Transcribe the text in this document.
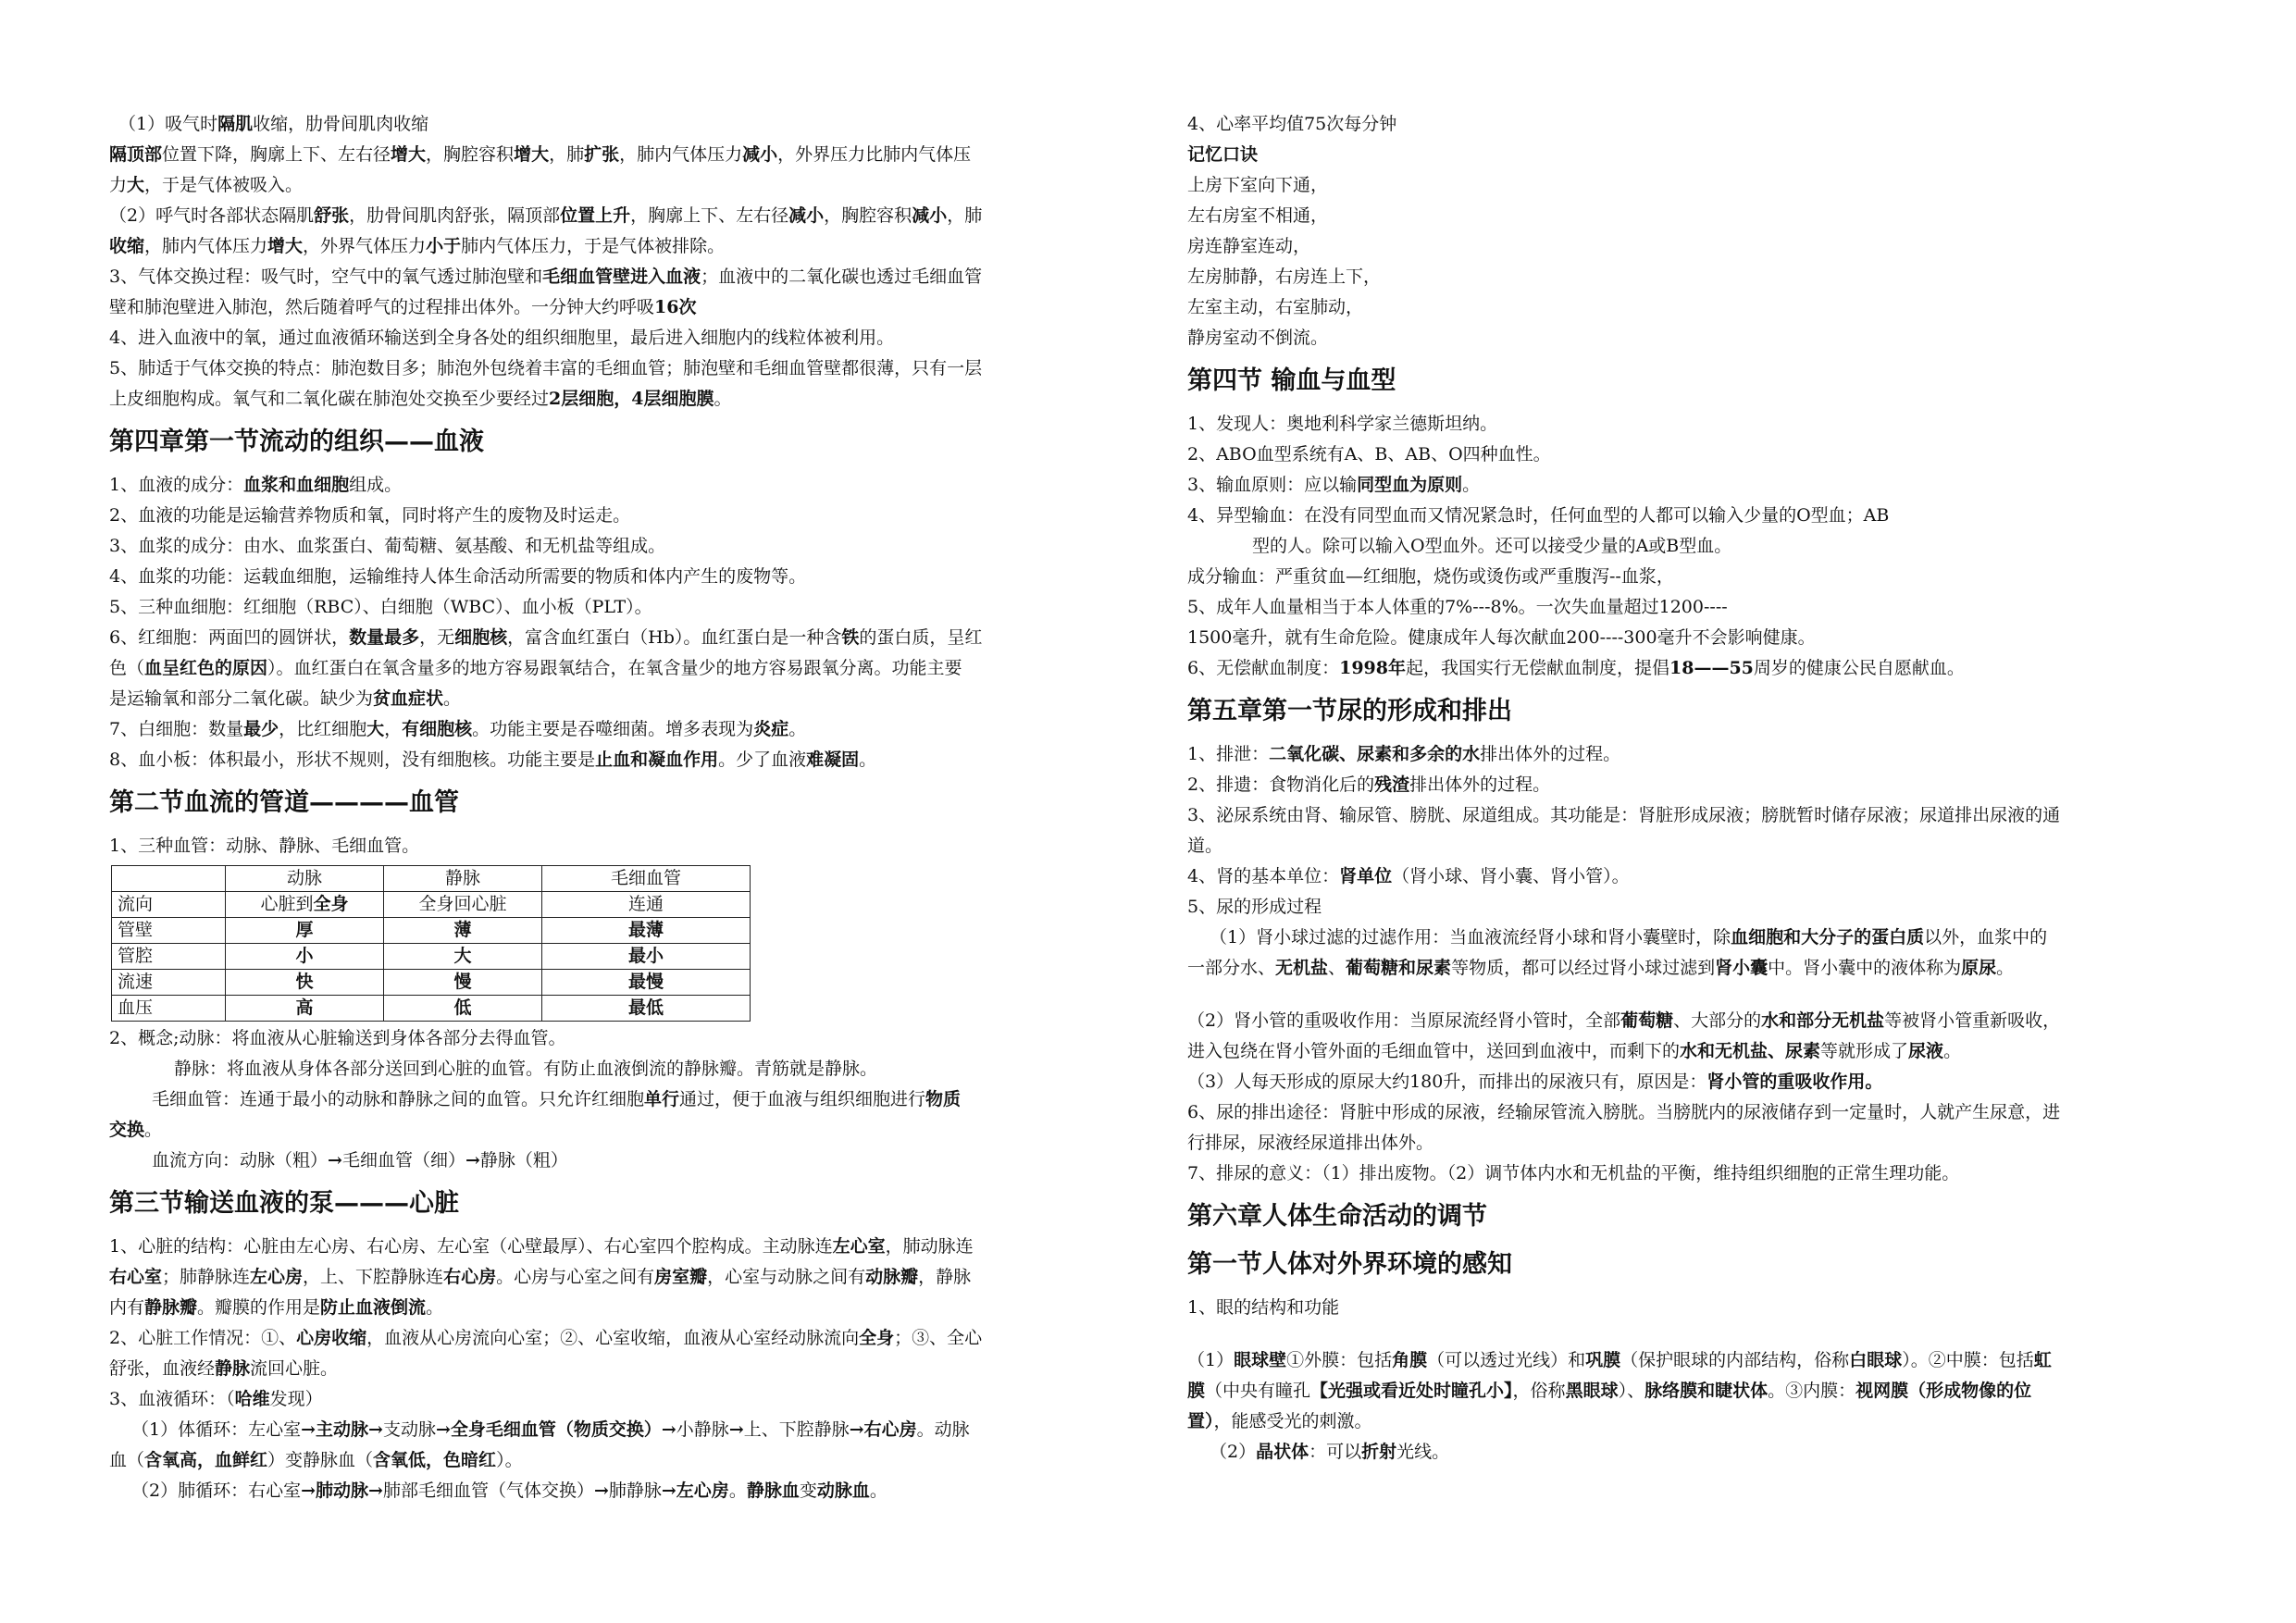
（1）吸气时隔肌收缩，肋骨间肌肉收缩
隔顶部位置下降，胸廓上下、左右径增大，胸腔容积增大，肺扩张，肺内气体压力减小，外界压力比肺内气体压
力大，于是气体被吸入。
（2）呼气时各部状态隔肌舒张，肋骨间肌肉舒张，隔顶部位置上升，胸廓上下、左右径减小，胸腔容积减小，肺
收缩，肺内气体压力增大，外界气体压力小于肺内气体压力，于是气体被排除。
3、气体交换过程：吸气时，空气中的氧气透过肺泡壁和毛细血管壁进入血液；血液中的二氧化碳也透过毛细血管
壁和肺泡壁进入肺泡，然后随着呼气的过程排出体外。一分钟大约呼吸16次
4、进入血液中的氧，通过血液循环输送到全身各处的组织细胞里，最后进入细胞内的线粒体被利用。
5、肺适于气体交换的特点：肺泡数目多；肺泡外包绕着丰富的毛细血管；肺泡壁和毛细血管壁都很薄，只有一层
上皮细胞构成。氧气和二氧化碳在肺泡处交换至少要经过2层细胞，4层细胞膜。
第四章第一节流动的组织——血液
1、血液的成分：血浆和血细胞组成。
2、血液的功能是运输营养物质和氧，同时将产生的废物及时运走。
3、血浆的成分：由水、血浆蛋白、葡萄糖、氨基酸、和无机盐等组成。
4、血浆的功能：运载血细胞，运输维持人体生命活动所需要的物质和体内产生的废物等。
5、三种血细胞：红细胞（RBC）、白细胞（WBC）、血小板（PLT）。
6、红细胞：两面凹的圆饼状，数量最多，无细胞核，富含血红蛋白（Hb）。血红蛋白是一种含铁的蛋白质，呈红
色（血呈红色的原因）。血红蛋白在氧含量多的地方容易跟氧结合，在氧含量少的地方容易跟氧分离。功能主要
是运输氧和部分二氧化碳。缺少为贫血症状。
7、白细胞：数量最少，比红细胞大，有细胞核。功能主要是吞噬细菌。增多表现为炎症。
8、血小板：体积最小，形状不规则，没有细胞核。功能主要是止血和凝血作用。少了血液难凝固。
第二节血流的管道————血管
1、三种血管：动脉、静脉、毛细血管。
	动脉	静脉	毛细血管
流向	心脏到全身	全身回心脏	连通
管壁	厚	薄	最薄
管腔	小	大	最小
流速	快	慢	最慢
血压	高	低	最低
2、概念;动脉：将血液从心脏输送到身体各部分去得血管。
静脉：将血液从身体各部分送回到心脏的血管。有防止血液倒流的静脉瓣。青筋就是静脉。
毛细血管：连通于最小的动脉和静脉之间的血管。只允许红细胞单行通过，便于血液与组织细胞进行物质
交换。
血流方向：动脉（粗）→毛细血管（细）→静脉（粗）
第三节输送血液的泵———心脏
1、心脏的结构：心脏由左心房、右心房、左心室（心壁最厚）、右心室四个腔构成。主动脉连左心室，肺动脉连
右心室；肺静脉连左心房，上、下腔静脉连右心房。心房与心室之间有房室瓣，心室与动脉之间有动脉瓣，静脉
内有静脉瓣。瓣膜的作用是防止血液倒流。
2、心脏工作情况：①、心房收缩，血液从心房流向心室；②、心室收缩，血液从心室经动脉流向全身；③、全心
舒张，血液经静脉流回心脏。
3、血液循环：（哈维发现）
（1）体循环：左心室→主动脉→支动脉→全身毛细血管（物质交换）→小静脉→上、下腔静脉→右心房。动脉
血（含氧高，血鲜红）变静脉血（含氧低，色暗红）。
（2）肺循环：右心室→肺动脉→肺部毛细血管（气体交换）→肺静脉→左心房。静脉血变动脉血。
4、心率平均值75次每分钟
记忆口诀
上房下室向下通，
左右房室不相通，
房连静室连动，
左房肺静，右房连上下，
左室主动，右室肺动，
静房室动不倒流。
第四节 输血与血型
1、发现人：奥地利科学家兰德斯坦纳。
2、ABO血型系统有A、B、AB、O四种血性。
3、输血原则：应以输同型血为原则。
4、异型输血：在没有同型血而又情况紧急时，任何血型的人都可以输入少量的O型血；AB
型的人。除可以输入O型血外。还可以接受少量的A或B型血。
成分输血：严重贫血—红细胞，烧伤或烫伤或严重腹泻--血浆，
5、成年人血量相当于本人体重的7%---8%。一次失血量超过1200----
1500毫升，就有生命危险。健康成年人每次献血200----300毫升不会影响健康。
6、无偿献血制度：1998年起，我国实行无偿献血制度，提倡18——55周岁的健康公民自愿献血。
第五章第一节尿的形成和排出
1、排泄：二氧化碳、尿素和多余的水排出体外的过程。
2、排遗：食物消化后的残渣排出体外的过程。
3、泌尿系统由肾、输尿管、膀胱、尿道组成。其功能是：肾脏形成尿液；膀胱暂时储存尿液；尿道排出尿液的通
道。
4、肾的基本单位：肾单位（肾小球、肾小囊、肾小管）。
5、尿的形成过程
（1）肾小球过滤的过滤作用：当血液流经肾小球和肾小囊壁时，除血细胞和大分子的蛋白质以外，血浆中的
一部分水、无机盐、葡萄糖和尿素等物质，都可以经过肾小球过滤到肾小囊中。肾小囊中的液体称为原尿。
（2）肾小管的重吸收作用：当原尿流经肾小管时，全部葡萄糖、大部分的水和部分无机盐等被肾小管重新吸收，
进入包绕在肾小管外面的毛细血管中，送回到血液中，而剩下的水和无机盐、尿素等就形成了尿液。
（3）人每天形成的原尿大约180升，而排出的尿液只有，原因是：肾小管的重吸收作用。
6、尿的排出途径：肾脏中形成的尿液，经输尿管流入膀胱。当膀胱内的尿液储存到一定量时，人就产生尿意，进
行排尿，尿液经尿道排出体外。
7、排尿的意义：（1）排出废物。（2）调节体内水和无机盐的平衡，维持组织细胞的正常生理功能。
第六章人体生命活动的调节
第一节人体对外界环境的感知
1、眼的结构和功能
（1）眼球壁①外膜：包括角膜（可以透过光线）和巩膜（保护眼球的内部结构，俗称白眼球）。②中膜：包括虹
膜（中央有瞳孔【光强或看近处时瞳孔小】，俗称黑眼球）、脉络膜和睫状体。③内膜：视网膜（形成物像的位
置），能感受光的刺激。
（2）晶状体：可以折射光线。
